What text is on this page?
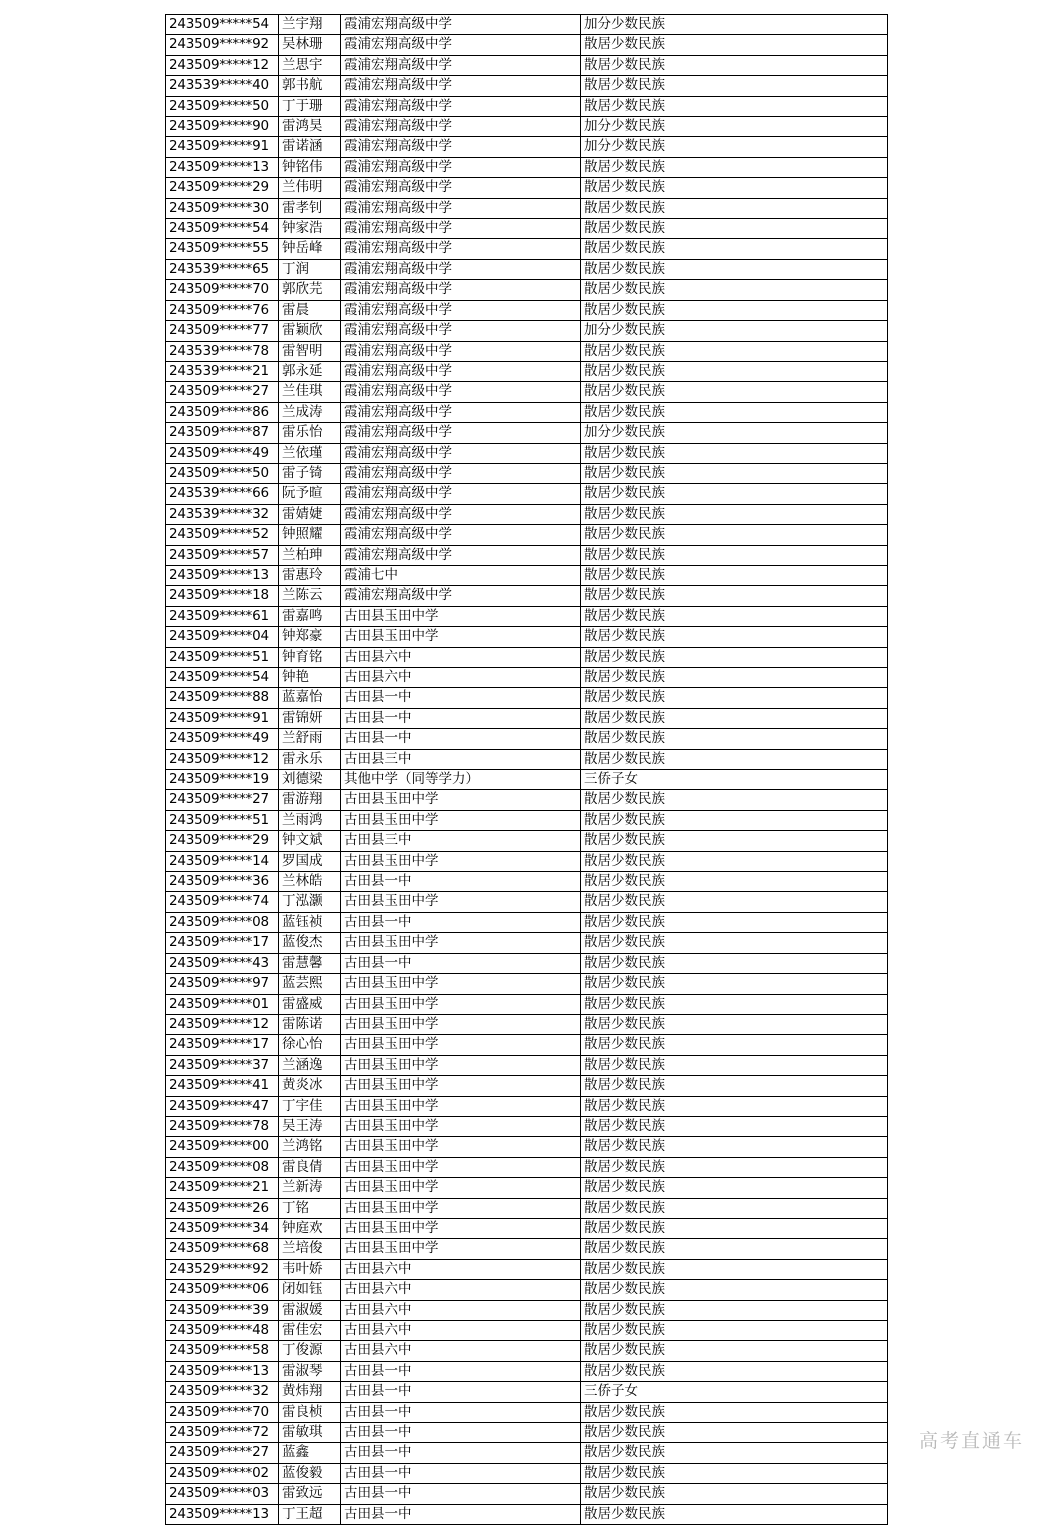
243509*****54	兰宇翔	霞浦宏翔高级中学	加分少数民族
243509*****92	吴林珊	霞浦宏翔高级中学	散居少数民族
243509*****12	兰思宇	霞浦宏翔高级中学	散居少数民族
243539*****40	郭书航	霞浦宏翔高级中学	散居少数民族
243509*****50	丁于珊	霞浦宏翔高级中学	散居少数民族
243509*****90	雷鸿昊	霞浦宏翔高级中学	加分少数民族
243509*****91	雷诺涵	霞浦宏翔高级中学	加分少数民族
243509*****13	钟铭伟	霞浦宏翔高级中学	散居少数民族
243509*****29	兰伟明	霞浦宏翔高级中学	散居少数民族
243509*****30	雷孝钊	霞浦宏翔高级中学	散居少数民族
243509*****54	钟家浩	霞浦宏翔高级中学	散居少数民族
243509*****55	钟岳峰	霞浦宏翔高级中学	散居少数民族
243539*****65	丁润	霞浦宏翔高级中学	散居少数民族
243509*****70	郭欣芫	霞浦宏翔高级中学	散居少数民族
243509*****76	雷晨	霞浦宏翔高级中学	散居少数民族
243509*****77	雷颖欣	霞浦宏翔高级中学	加分少数民族
243539*****78	雷智明	霞浦宏翔高级中学	散居少数民族
243539*****21	郭永延	霞浦宏翔高级中学	散居少数民族
243509*****27	兰佳琪	霞浦宏翔高级中学	散居少数民族
243509*****86	兰成涛	霞浦宏翔高级中学	散居少数民族
243509*****87	雷乐怡	霞浦宏翔高级中学	加分少数民族
243509*****49	兰依瑾	霞浦宏翔高级中学	散居少数民族
243509*****50	雷子锜	霞浦宏翔高级中学	散居少数民族
243539*****66	阮予暄	霞浦宏翔高级中学	散居少数民族
243539*****32	雷婧婕	霞浦宏翔高级中学	散居少数民族
243509*****52	钟照耀	霞浦宏翔高级中学	散居少数民族
243509*****57	兰柏珅	霞浦宏翔高级中学	散居少数民族
243509*****13	雷惠玲	霞浦七中	散居少数民族
243509*****18	兰陈云	霞浦宏翔高级中学	散居少数民族
243509*****61	雷嘉鸣	古田县玉田中学	散居少数民族
243509*****04	钟郑豪	古田县玉田中学	散居少数民族
243509*****51	钟育铭	古田县六中	散居少数民族
243509*****54	钟艳	古田县六中	散居少数民族
243509*****88	蓝嘉怡	古田县一中	散居少数民族
243509*****91	雷锦妍	古田县一中	散居少数民族
243509*****49	兰舒雨	古田县一中	散居少数民族
243509*****12	雷永乐	古田县三中	散居少数民族
243509*****19	刘德梁	其他中学（同等学力）	三侨子女
243509*****27	雷游翔	古田县玉田中学	散居少数民族
243509*****51	兰雨鸿	古田县玉田中学	散居少数民族
243509*****29	钟文斌	古田县三中	散居少数民族
243509*****14	罗国成	古田县玉田中学	散居少数民族
243509*****36	兰林皓	古田县一中	散居少数民族
243509*****74	丁泓灏	古田县玉田中学	散居少数民族
243509*****08	蓝钰祯	古田县一中	散居少数民族
243509*****17	蓝俊杰	古田县玉田中学	散居少数民族
243509*****43	雷慧馨	古田县一中	散居少数民族
243509*****97	蓝芸熙	古田县玉田中学	散居少数民族
243509*****01	雷盛威	古田县玉田中学	散居少数民族
243509*****12	雷陈诺	古田县玉田中学	散居少数民族
243509*****17	徐心怡	古田县玉田中学	散居少数民族
243509*****37	兰涵逸	古田县玉田中学	散居少数民族
243509*****41	黄炎冰	古田县玉田中学	散居少数民族
243509*****47	丁宇佳	古田县玉田中学	散居少数民族
243509*****78	吴王涛	古田县玉田中学	散居少数民族
243509*****00	兰鸿铭	古田县玉田中学	散居少数民族
243509*****08	雷良倩	古田县玉田中学	散居少数民族
243509*****21	兰新涛	古田县玉田中学	散居少数民族
243509*****26	丁铭	古田县玉田中学	散居少数民族
243509*****34	钟庭欢	古田县玉田中学	散居少数民族
243509*****68	兰培俊	古田县玉田中学	散居少数民族
243529*****92	韦叶娇	古田县六中	散居少数民族
243509*****06	闭如钰	古田县六中	散居少数民族
243509*****39	雷淑媛	古田县六中	散居少数民族
243509*****48	雷佳宏	古田县六中	散居少数民族
243509*****58	丁俊源	古田县六中	散居少数民族
243509*****13	雷淑琴	古田县一中	散居少数民族
243509*****32	黄炜翔	古田县一中	三侨子女
243509*****70	雷良桢	古田县一中	散居少数民族
243509*****72	雷敏琪	古田县一中	散居少数民族
243509*****27	蓝鑫	古田县一中	散居少数民族
243509*****02	蓝俊毅	古田县一中	散居少数民族
243509*****03	雷致远	古田县一中	散居少数民族
243509*****13	丁王超	古田县一中	散居少数民族
高考直通车
